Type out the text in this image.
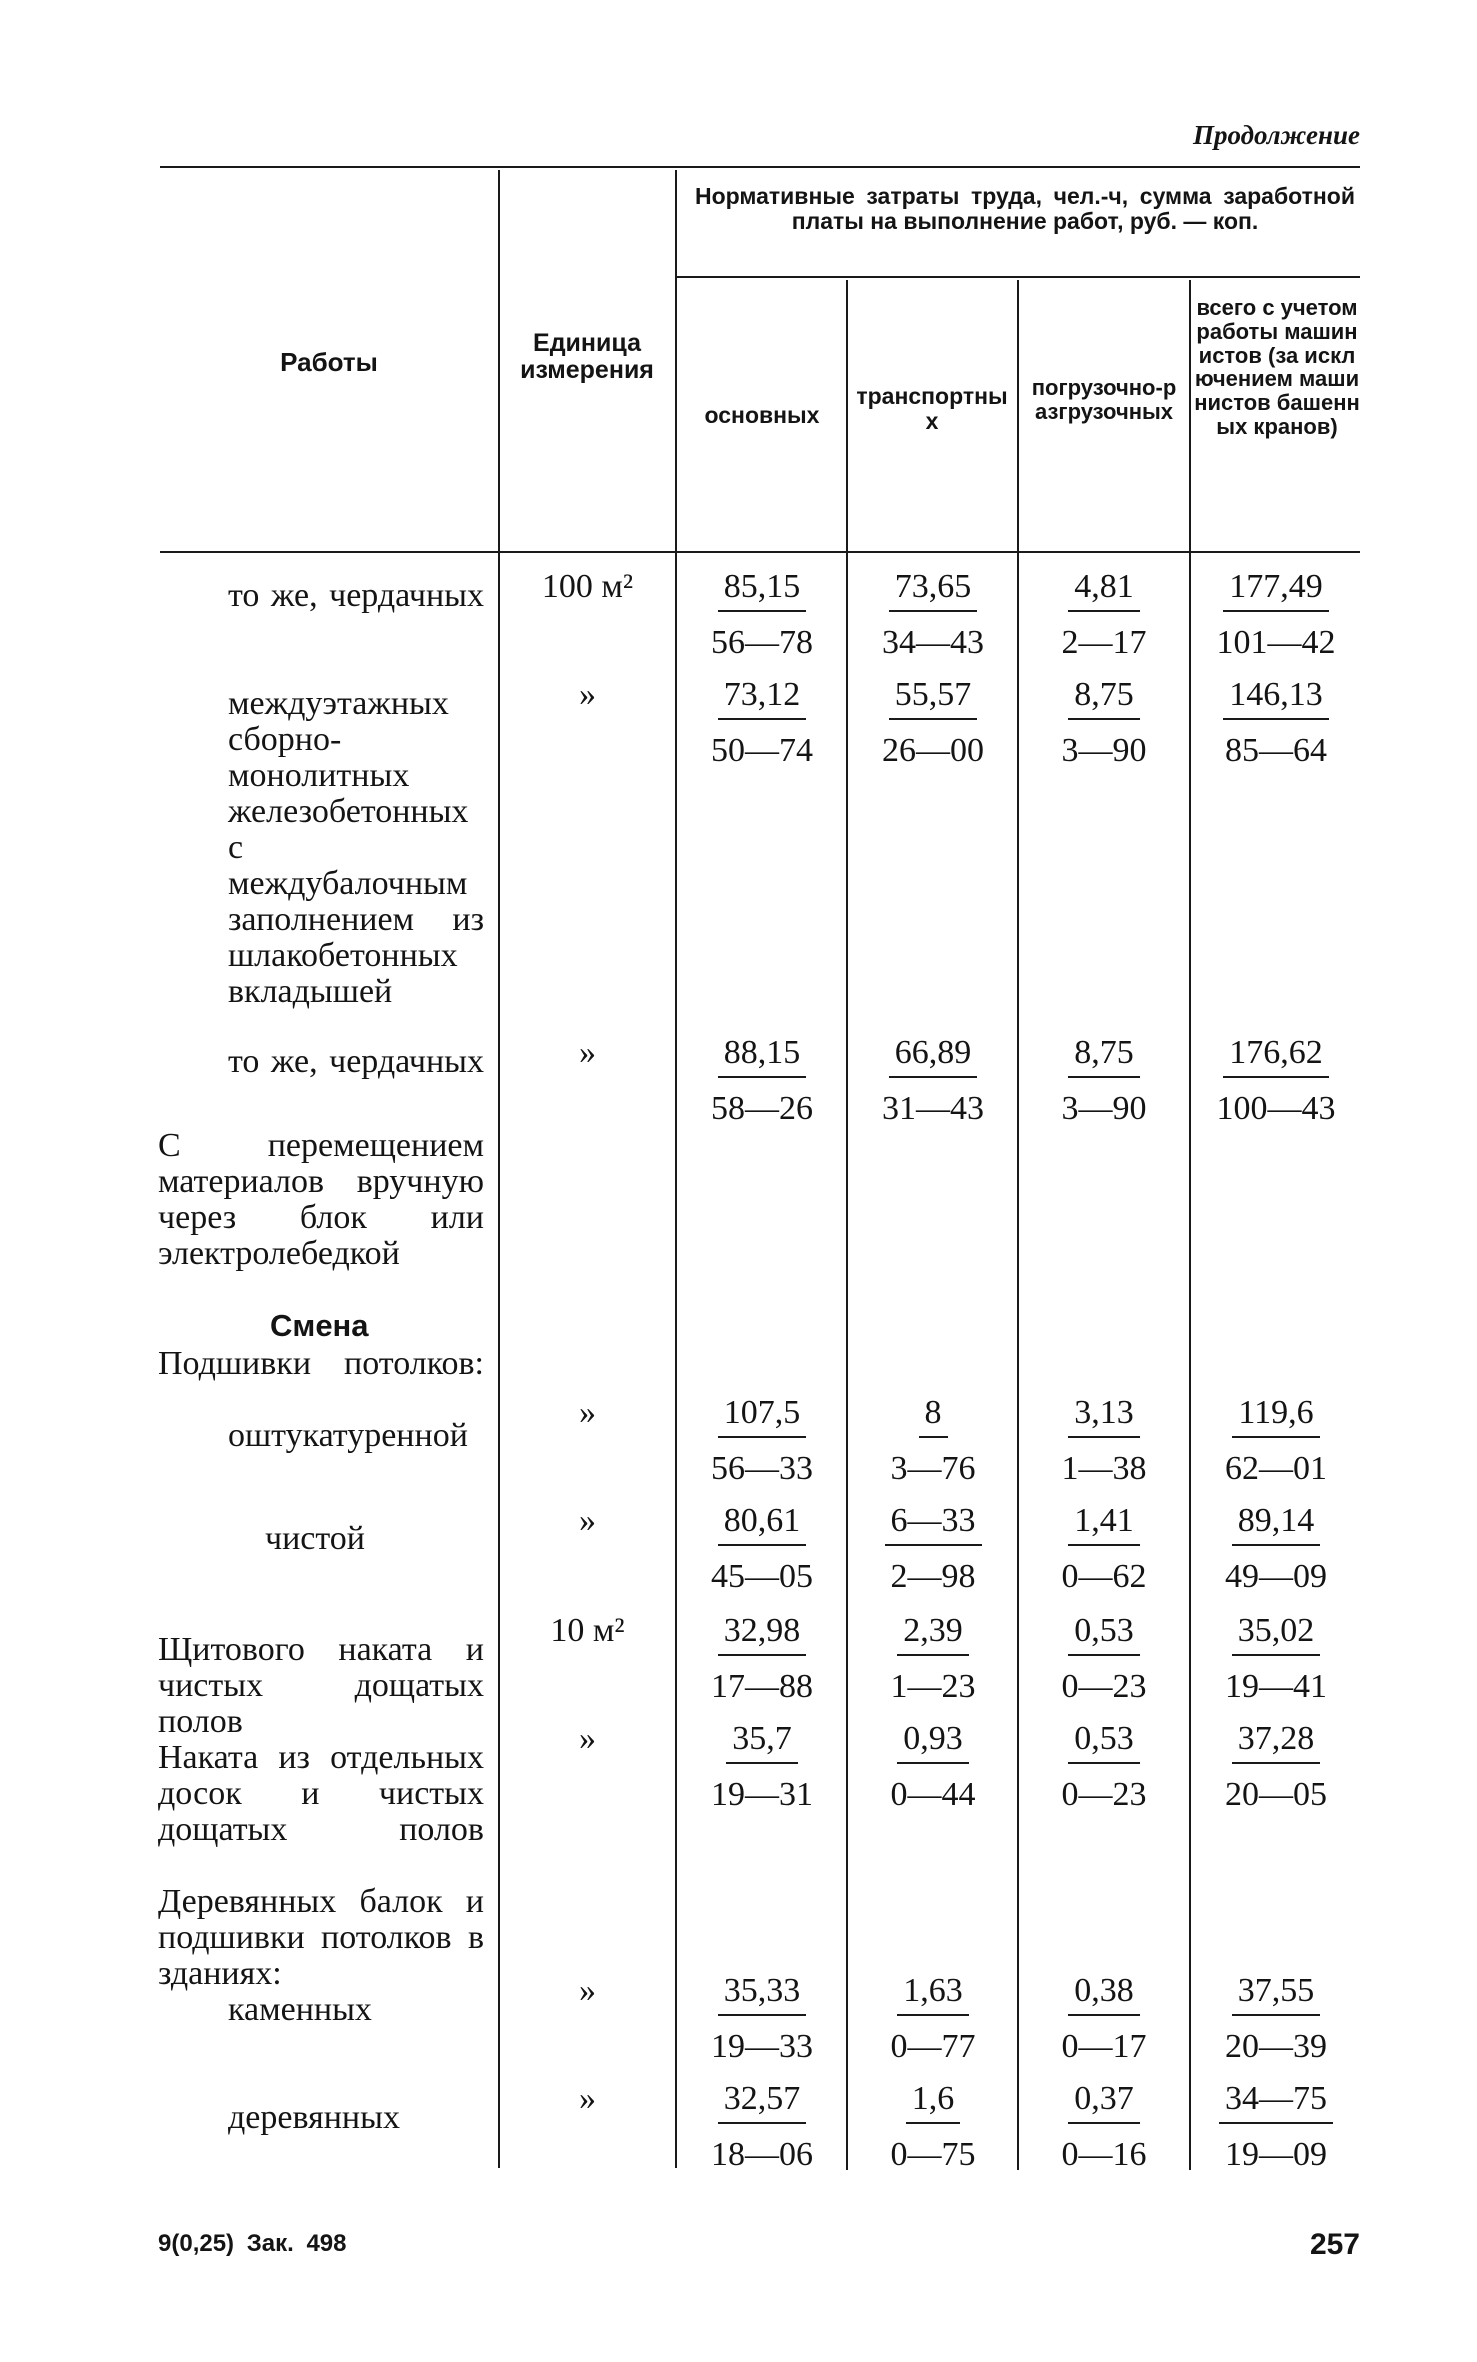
Продолжение
Работы
Единица измерения
Нормативные затраты труда, чел.-ч, сумма заработной платы на выполнение работ, руб. — коп.
основных
транспортных
погрузочно-разгрузочных
всего с учетом работы машинистов (за исключением машинистов башенных кранов)
то же, чердачных
междуэтажных сборно-монолитных железобетонных с междубалочным заполнением из шлакобетонных вкладышей
то же, чердачных
С перемещением материалов вручную через блок или электролебедкой
Смена
Подшивки потолков:
оштукатуренной
чистой
Щитового наката и чистых дощатых полов
Наката из отдельных досок и чистых дощатых полов
Деревянных балок и подшивки потолков в зданиях:
каменных
деревянных
100 м²
»
»
»
»
10 м²
»
»
»
$\frac{85,15}{56—78} \frac{73,65}{34—43} \frac{4,81}{2—17} \frac{177,49}{101—42}$
$\frac{73,12}{50—74} \frac{55,57}{26—00} \frac{8,75}{3—90} \frac{146,13}{85—64}$
$\frac{88,15}{58—26} \frac{66,89}{31—43} \frac{8,75}{3—90} \frac{176,62}{100—43}$
$\frac{107,5}{56—33} \frac{8}{3—76} \frac{3,13}{1—38} \frac{119,6}{62—01}$
$\frac{80,61}{45—05} \frac{6—33}{2—98} \frac{1,41}{0—62} \frac{89,14}{49—09}$
$\frac{32,98}{17—88} \frac{2,39}{1—23} \frac{0,53}{0—23} \frac{35,02}{19—41}$
$\frac{35,7}{19—31} \frac{0,93}{0—44} \frac{0,53}{0—23} \frac{37,28}{20—05}$
$\frac{35,33}{19—33} \frac{1,63}{0—77} \frac{0,38}{0—17} \frac{37,55}{20—39}$
$\frac{32,57}{18—06} \frac{1,6}{0—75} \frac{0,37}{0—16} \frac{34—75}{19—09}$
9(0,25) Зак. 498	257
